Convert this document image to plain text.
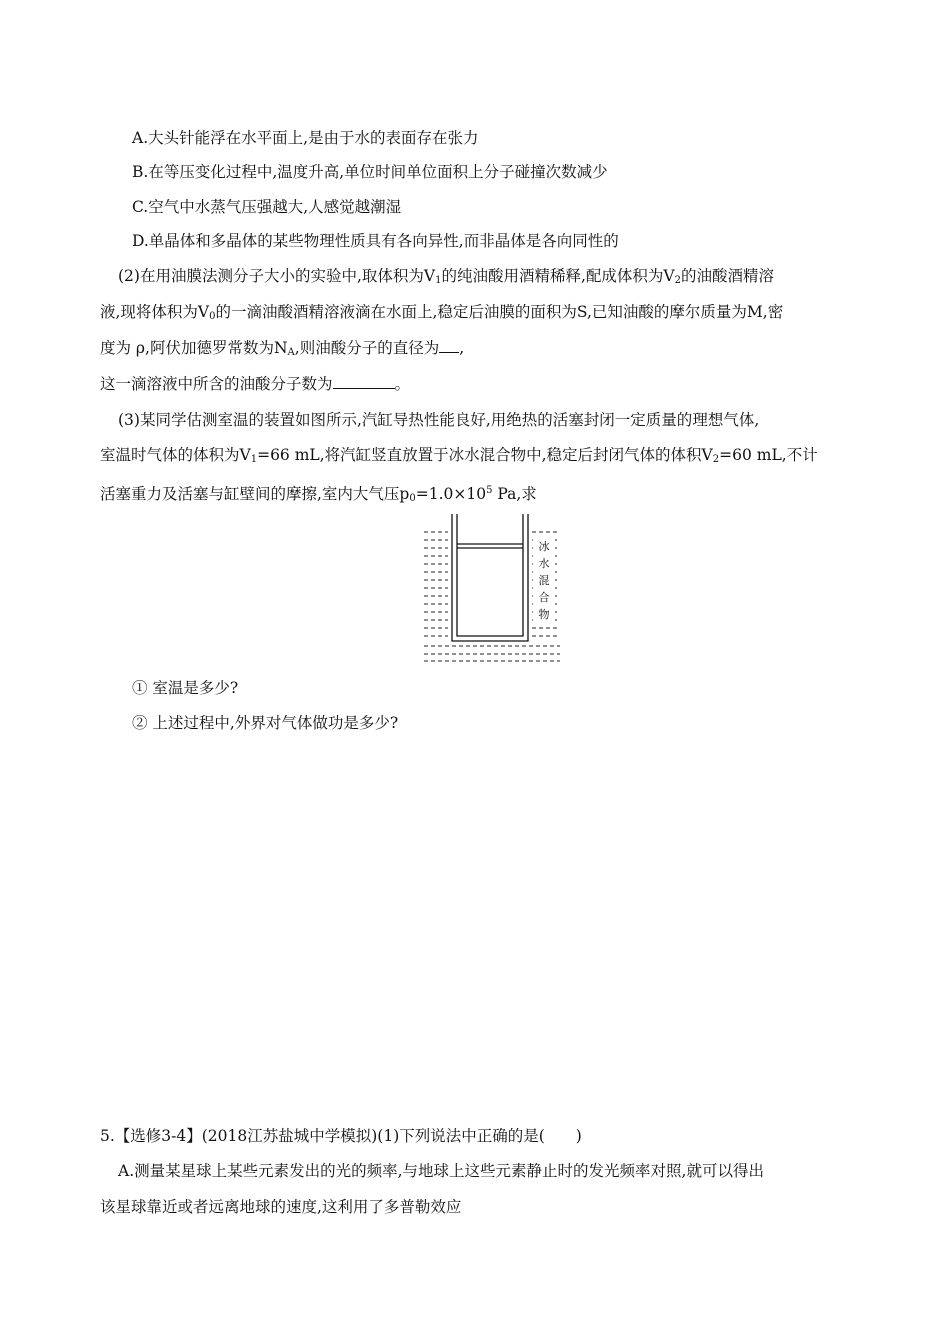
A.大头针能浮在水平面上,是由于水的表面存在张力
B.在等压变化过程中,温度升高,单位时间单位面积上分子碰撞次数减少
C.空气中水蒸气压强越大,人感觉越潮湿
D.单晶体和多晶体的某些物理性质具有各向异性,而非晶体是各向同性的
(2)在用油膜法测分子大小的实验中,取体积为$V_1$的纯油酸用酒精稀释,配成体积为$V_2$的油酸酒精溶
液,现将体积为$V_0$的一滴油酸酒精溶液滴在水面上,稳定后油膜的面积为S,已知油酸的摩尔质量为M,密
度为 ρ,阿伏加德罗常数为$N_A$,则油酸分子的直径为 ,
这一滴溶液中所含的油酸分子数为	。
(3)某同学估测室温的装置如图所示,汽缸导热性能良好,用绝热的活塞封闭一定质量的理想气体,
室温时气体的体积为$V_1=66$ mL,将汽缸竖直放置于冰水混合物中,稳定后封闭气体的体积$V_2=60$ mL,不计
活塞重力及活塞与缸壁间的摩擦,室内大气压$p_0=1.0\times 10^5$ Pa,求
冰
水
混
合
物
① 室温是多少?
② 上述过程中,外界对气体做功是多少?
5.【选修3-4】(2018江苏盐城中学模拟)(1)下列说法中正确的是(　　)
A.测量某星球上某些元素发出的光的频率,与地球上这些元素静止时的发光频率对照,就可以得出
该星球靠近或者远离地球的速度,这利用了多普勒效应
